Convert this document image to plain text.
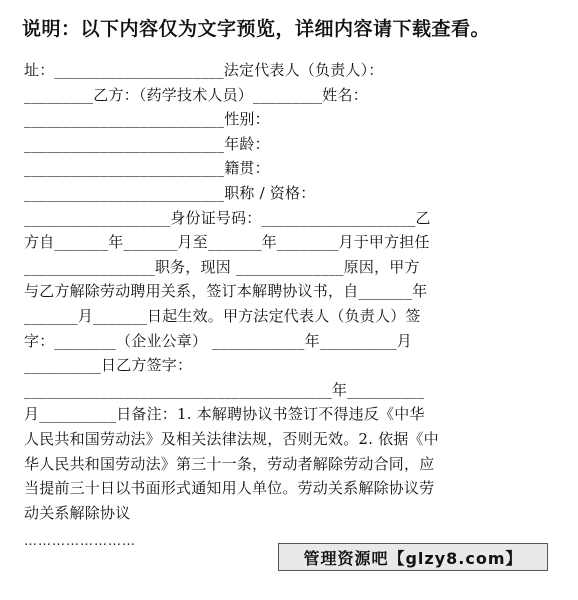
说明：以下内容仅为文字预览，详细内容请下载查看。
址：______________________法定代表人（负责人）：
_________乙方：（药学技术人员）_________姓名：
__________________________性别：
__________________________年龄：
__________________________籍贯：
__________________________职称 / 资格：
___________________身份证号码：____________________乙
方自_______年_______月至_______年________月于甲方担任
_________________职务，现因 ______________原因，甲方
与乙方解除劳动聘用关系，签订本解聘协议书，自_______年
_______月_______日起生效。甲方法定代表人（负责人）签
字：________（企业公章） ____________年__________月
__________日乙方签字：
________________________________________年__________
月__________日备注：1. 本解聘协议书签订不得违反《中华
人民共和国劳动法》及相关法律法规，否则无效。2. 依据《中
华人民共和国劳动法》第三十一条，劳动者解除劳动合同，应
当提前三十日以书面形式通知用人单位。劳动关系解除协议劳
动关系解除协议
……………………
管理资源吧【glzy8.com】
